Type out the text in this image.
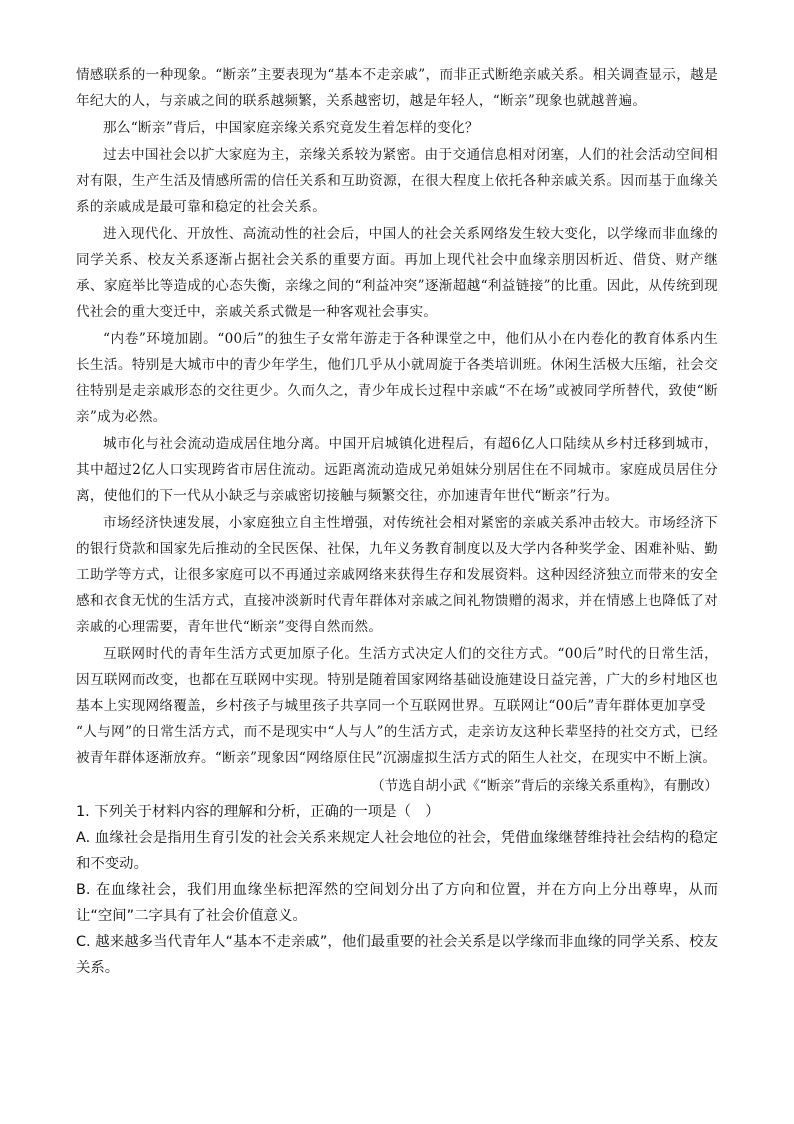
情感联系的一种现象。“断亲”主要表现为“基本不走亲戚”，而非正式断绝亲戚关系。相关调查显示，越是年纪大的人，与亲戚之间的联系越频繁，关系越密切，越是年轻人，“断亲”现象也就越普遍。

那么“断亲”背后，中国家庭亲缘关系究竟发生着怎样的变化？

过去中国社会以扩大家庭为主，亲缘关系较为紧密。由于交通信息相对闭塞，人们的社会活动空间相对有限，生产生活及情感所需的信任关系和互助资源，在很大程度上依托各种亲戚关系。因而基于血缘关系的亲戚成是最可靠和稳定的社会关系。

进入现代化、开放性、高流动性的社会后，中国人的社会关系网络发生较大变化，以学缘而非血缘的同学关系、校友关系逐渐占据社会关系的重要方面。再加上现代社会中血缘亲朋因析近、借贷、财产继承、家庭举比等造成的心态失衡，亲缘之间的“利益冲突”逐渐超越“利益链接”的比重。因此，从传统到现代社会的重大变迁中，亲戚关系式微是一种客观社会事实。

“内卷”环境加剧。“00后”的独生子女常年游走于各种课堂之中，他们从小在内卷化的教育体系内生长生活。特别是大城市中的青少年学生，他们几乎从小就周旋于各类培训班。休闲生活极大压缩，社会交往特别是走亲戚形态的交往更少。久而久之，青少年成长过程中亲戚“不在场”或被同学所替代，致使“断亲”成为必然。

城市化与社会流动造成居住地分离。中国开启城镇化进程后，有超6亿人口陆续从乡村迁移到城市，其中超过2亿人口实现跨省市居住流动。远距离流动造成兄弟姐妹分别居住在不同城市。家庭成员居住分离，使他们的下一代从小缺乏与亲戚密切接触与频繁交往，亦加速青年世代“断亲”行为。

市场经济快速发展，小家庭独立自主性增强，对传统社会相对紧密的亲戚关系冲击较大。市场经济下的银行贷款和国家先后推动的全民医保、社保，九年义务教育制度以及大学内各种奖学金、困难补贴、勤工助学等方式，让很多家庭可以不再通过亲戚网络来获得生存和发展资料。这种因经济独立而带来的安全感和衣食无忧的生活方式，直接冲淡新时代青年群体对亲戚之间礼物馈赠的渴求，并在情感上也降低了对亲戚的心理需要，青年世代“断亲”变得自然而然。

互联网时代的青年生活方式更加原子化。生活方式决定人们的交往方式。“00后”时代的日常生活，因互联网而改变，也都在互联网中实现。特别是随着国家网络基础设施建设日益完善，广大的乡村地区也基本上实现网络覆盖，乡村孩子与城里孩子共享同一个互联网世界。互联网让“00后”青年群体更加享受

“人与网”的日常生活方式，而不是现实中“人与人”的生活方式，走亲访友这种长辈坚持的社交方式，已经被青年群体逐渐放弃。“断亲”现象因“网络原住民”沉溺虚拟生活方式的陌生人社交，在现实中不断上演。

（节选自胡小武《“断亲”背后的亲缘关系重构》，有删改）

1. 下列关于材料内容的理解和分析，正确的一项是（　）

A. 血缘社会是指用生育引发的社会关系来规定人社会地位的社会，凭借血缘继替维持社会结构的稳定和不变动。

B. 在血缘社会，我们用血缘坐标把浑然的空间划分出了方向和位置，并在方向上分出尊卑，从而让“空间”二字具有了社会价值意义。

C. 越来越多当代青年人“基本不走亲戚”，他们最重要的社会关系是以学缘而非血缘的同学关系、校友关系。
